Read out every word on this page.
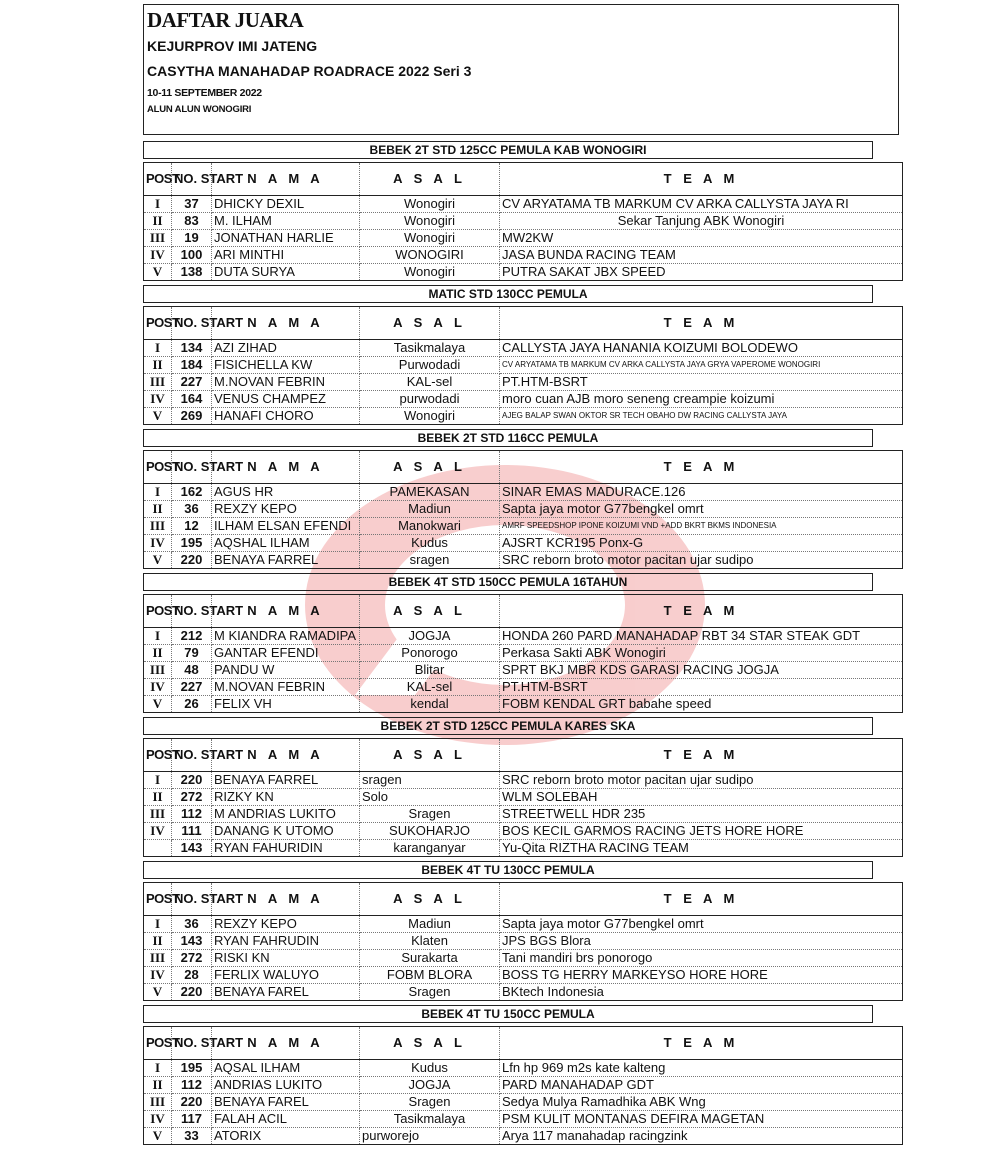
DAFTAR JUARA
KEJURPROV IMI JATENG
CASYTHA MANAHADAP ROADRACE 2022 Seri 3
10-11 SEPTEMBER 2022
ALUN ALUN WONOGIRI
BEBEK 2T STD 125CC PEMULA KAB WONOGIRI
POST	NO. START	N A M A	A S A L	T E A M
I	37	DHICKY DEXIL	Wonogiri	CV ARYATAMA TB MARKUM CV ARKA CALLYSTA JAYA RI
II	83	M. ILHAM	Wonogiri	Sekar Tanjung ABK Wonogiri
III	19	JONATHAN HARLIE	Wonogiri	MW2KW
IV	100	ARI MINTHI	WONOGIRI	JASA BUNDA RACING TEAM
V	138	DUTA SURYA	Wonogiri	PUTRA SAKAT JBX SPEED
MATIC STD 130CC PEMULA
POST	NO. START	N A M A	A S A L	T E A M
I	134	AZI ZIHAD	Tasikmalaya	CALLYSTA JAYA HANANIA KOIZUMI BOLODEWO
II	184	FISICHELLA KW	Purwodadi	CV ARYATAMA TB MARKUM CV ARKA CALLYSTA JAYA GRYA VAPEROME WONOGIRI
III	227	M.NOVAN FEBRIN	KAL-sel	PT.HTM-BSRT
IV	164	VENUS CHAMPEZ	purwodadi	moro cuan AJB moro seneng creampie koizumi
V	269	HANAFI CHORO	Wonogiri	AJEG BALAP SWAN OKTOR SR TECH OBAHO DW RACING CALLYSTA JAYA
BEBEK 2T STD 116CC PEMULA
POST	NO. START	N A M A	A S A L	T E A M
I	162	AGUS HR	PAMEKASAN	SINAR EMAS MADURACE.126
II	36	REXZY KEPO	Madiun	Sapta jaya motor G77bengkel omrt
III	12	ILHAM ELSAN EFENDI	Manokwari	AMRF SPEEDSHOP IPONE KOIZUMI VND +ADD BKRT BKMS INDONESIA
IV	195	AQSHAL ILHAM	Kudus	AJSRT KCR195 Ponx-G
V	220	BENAYA FARREL	sragen	SRC reborn broto motor pacitan ujar sudipo
BEBEK 4T STD 150CC PEMULA 16TAHUN
POST	NO. START	N A M A	A S A L	T E A M
I	212	M KIANDRA RAMADIPA	JOGJA	HONDA 260 PARD MANAHADAP RBT 34 STAR STEAK GDT
II	79	GANTAR EFENDI	Ponorogo	Perkasa Sakti ABK Wonogiri
III	48	PANDU W	Blitar	SPRT BKJ MBR KDS GARASI RACING JOGJA
IV	227	M.NOVAN FEBRIN	KAL-sel	PT.HTM-BSRT
V	26	FELIX VH	kendal	FOBM KENDAL GRT babahe speed
BEBEK 2T STD 125CC PEMULA KARES SKA
POST	NO. START	N A M A	A S A L	T E A M
I	220	BENAYA FARREL	sragen	SRC reborn broto motor pacitan ujar sudipo
II	272	RIZKY KN	Solo	WLM SOLEBAH
III	112	M ANDRIAS LUKITO	Sragen	STREETWELL HDR 235
IV	111	DANANG K UTOMO	SUKOHARJO	BOS KECIL GARMOS RACING JETS HORE HORE
	143	RYAN FAHURIDIN	karanganyar	Yu-Qita RIZTHA RACING TEAM
BEBEK 4T TU 130CC PEMULA
POST	NO. START	N A M A	A S A L	T E A M
I	36	REXZY KEPO	Madiun	Sapta jaya motor G77bengkel omrt
II	143	RYAN FAHRUDIN	Klaten	JPS BGS Blora
III	272	RISKI KN	Surakarta	Tani mandiri brs ponorogo
IV	28	FERLIX WALUYO	FOBM BLORA	BOSS TG HERRY MARKEYSO HORE HORE
V	220	BENAYA FAREL	Sragen	BKtech Indonesia
BEBEK 4T TU 150CC PEMULA
POST	NO. START	N A M A	A S A L	T E A M
I	195	AQSAL ILHAM	Kudus	Lfn hp 969 m2s kate kalteng
II	112	ANDRIAS LUKITO	JOGJA	PARD MANAHADAP GDT
III	220	BENAYA FAREL	Sragen	Sedya Mulya Ramadhika ABK Wng
IV	117	FALAH ACIL	Tasikmalaya	PSM KULIT MONTANAS DEFIRA MAGETAN
V	33	ATORIX	purworejo	Arya 117 manahadap racingzink
